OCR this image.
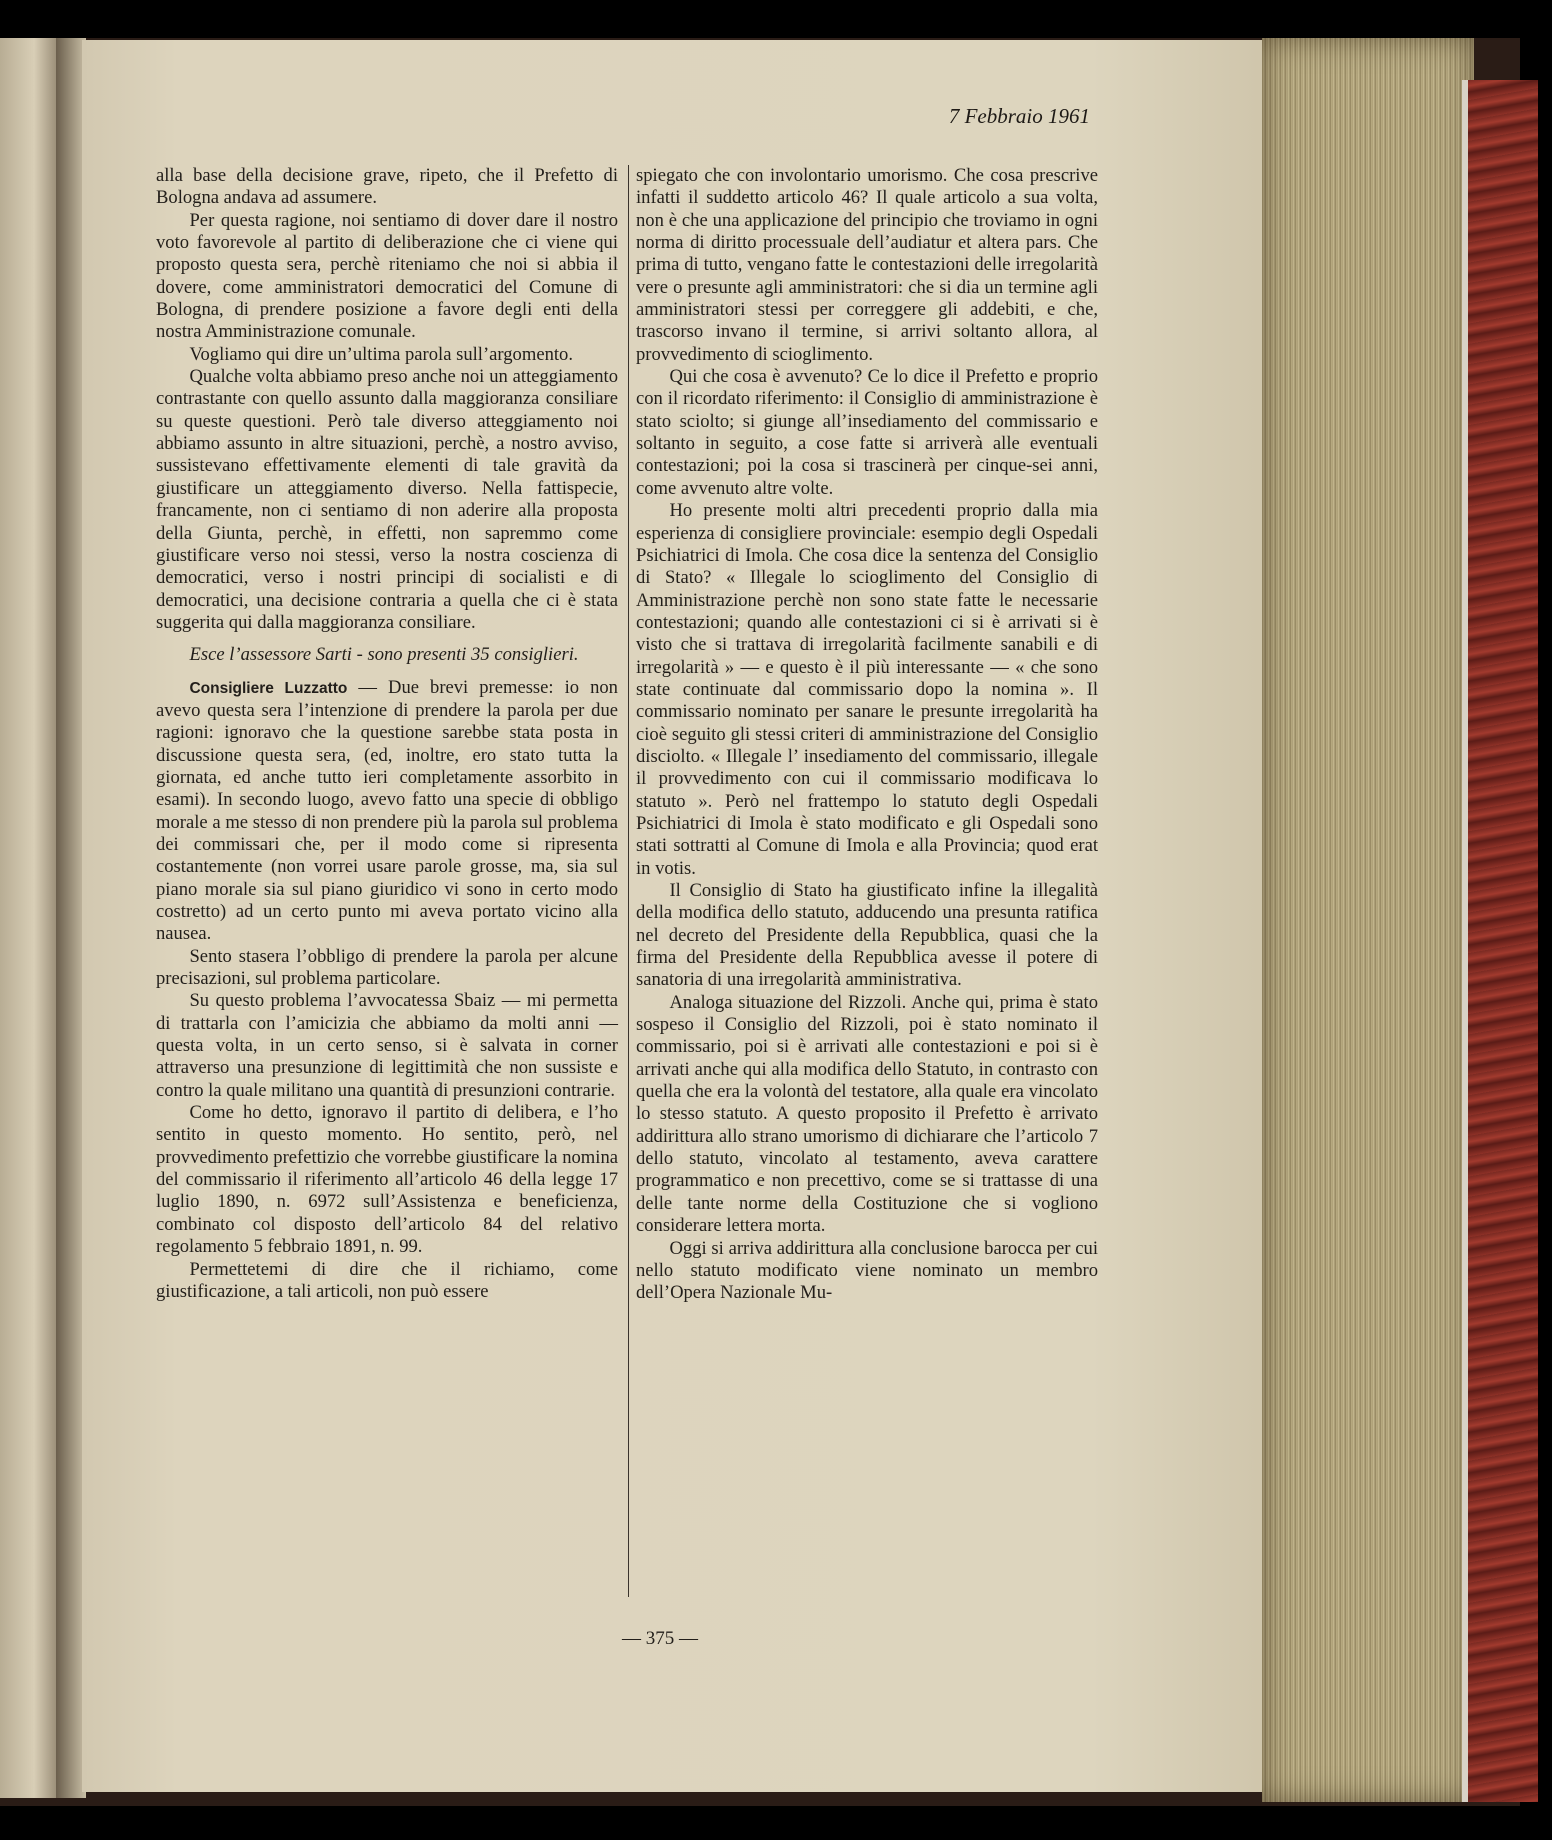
7 Febbraio 1961

alla base della decisione grave, ripeto, che il Prefetto di Bologna andava ad assumere.

Per questa ragione, noi sentiamo di dover dare il nostro voto favorevole al partito di deliberazione che ci viene qui proposto questa sera, perchè riteniamo che noi si abbia il dovere, come amministratori democratici del Comune di Bologna, di prendere posizione a favore degli enti della nostra Amministrazione comunale.

Vogliamo qui dire un’ultima parola sull’argomento.

Qualche volta abbiamo preso anche noi un atteggiamento contrastante con quello assunto dalla maggioranza consiliare su queste questioni. Però tale diverso atteggiamento noi abbiamo assunto in altre situazioni, perchè, a nostro avviso, sussistevano effettivamente elementi di tale gravità da giustificare un atteggiamento diverso. Nella fattispecie, francamente, non ci sentiamo di non aderire alla proposta della Giunta, perchè, in effetti, non sapremmo come giustificare verso noi stessi, verso la nostra coscienza di democratici, verso i nostri principi di socialisti e di democratici, una decisione contraria a quella che ci è stata suggerita qui dalla maggioranza consiliare.

Esce l’assessore Sarti - sono presenti 35 consiglieri.

Consigliere Luzzatto — Due brevi premesse: io non avevo questa sera l’intenzione di prendere la parola per due ragioni: ignoravo che la questione sarebbe stata posta in discussione questa sera, (ed, inoltre, ero stato tutta la giornata, ed anche tutto ieri completamente assorbito in esami). In secondo luogo, avevo fatto una specie di obbligo morale a me stesso di non prendere più la parola sul problema dei commissari che, per il modo come si ripresenta costantemente (non vorrei usare parole grosse, ma, sia sul piano morale sia sul piano giuridico vi sono in certo modo costretto) ad un certo punto mi aveva portato vicino alla nausea.

Sento stasera l’obbligo di prendere la parola per alcune precisazioni, sul problema particolare.

Su questo problema l’avvocatessa Sbaiz — mi permetta di trattarla con l’amicizia che abbiamo da molti anni — questa volta, in un certo senso, si è salvata in corner attraverso una presunzione di legittimità che non sussiste e contro la quale militano una quantità di presunzioni contrarie.

Come ho detto, ignoravo il partito di delibera, e l’ho sentito in questo momento. Ho sentito, però, nel provvedimento prefettizio che vorrebbe giustificare la nomina del commissario il riferimento all’articolo 46 della legge 17 luglio 1890, n. 6972 sull’Assistenza e beneficienza, combinato col disposto dell’articolo 84 del relativo regolamento 5 febbraio 1891, n. 99.

Permettetemi di dire che il richiamo, come giustificazione, a tali articoli, non può essere

spiegato che con involontario umorismo. Che cosa prescrive infatti il suddetto articolo 46? Il quale articolo a sua volta, non è che una applicazione del principio che troviamo in ogni norma di diritto processuale dell’audiatur et altera pars. Che prima di tutto, vengano fatte le contestazioni delle irregolarità vere o presunte agli amministratori: che si dia un termine agli amministratori stessi per correggere gli addebiti, e che, trascorso invano il termine, si arrivi soltanto allora, al provvedimento di scioglimento.

Qui che cosa è avvenuto? Ce lo dice il Prefetto e proprio con il ricordato riferimento: il Consiglio di amministrazione è stato sciolto; si giunge all’insediamento del commissario e soltanto in seguito, a cose fatte si arriverà alle eventuali contestazioni; poi la cosa si trascinerà per cinque-sei anni, come avvenuto altre volte.

Ho presente molti altri precedenti proprio dalla mia esperienza di consigliere provinciale: esempio degli Ospedali Psichiatrici di Imola. Che cosa dice la sentenza del Consiglio di Stato? « Illegale lo scioglimento del Consiglio di Amministrazione perchè non sono state fatte le necessarie contestazioni; quando alle contestazioni ci si è arrivati si è visto che si trattava di irregolarità facilmente sanabili e di irregolarità » — e questo è il più interessante — « che sono state continuate dal commissario dopo la nomina ». Il commissario nominato per sanare le presunte irregolarità ha cioè seguito gli stessi criteri di amministrazione del Consiglio disciolto. « Illegale l’ insediamento del commissario, illegale il provvedimento con cui il commissario modificava lo statuto ». Però nel frattempo lo statuto degli Ospedali Psichiatrici di Imola è stato modificato e gli Ospedali sono stati sottratti al Comune di Imola e alla Provincia; quod erat in votis.

Il Consiglio di Stato ha giustificato infine la illegalità della modifica dello statuto, adducendo una presunta ratifica nel decreto del Presidente della Repubblica, quasi che la firma del Presidente della Repubblica avesse il potere di sanatoria di una irregolarità amministrativa.

Analoga situazione del Rizzoli. Anche qui, prima è stato sospeso il Consiglio del Rizzoli, poi è stato nominato il commissario, poi si è arrivati alle contestazioni e poi si è arrivati anche qui alla modifica dello Statuto, in contrasto con quella che era la volontà del testatore, alla quale era vincolato lo stesso statuto. A questo proposito il Prefetto è arrivato addirittura allo strano umorismo di dichiarare che l’articolo 7 dello statuto, vincolato al testamento, aveva carattere programmatico e non precettivo, come se si trattasse di una delle tante norme della Costituzione che si vogliono considerare lettera morta.

Oggi si arriva addirittura alla conclusione barocca per cui nello statuto modificato viene nominato un membro dell’Opera Nazionale Mu-

— 375 —
